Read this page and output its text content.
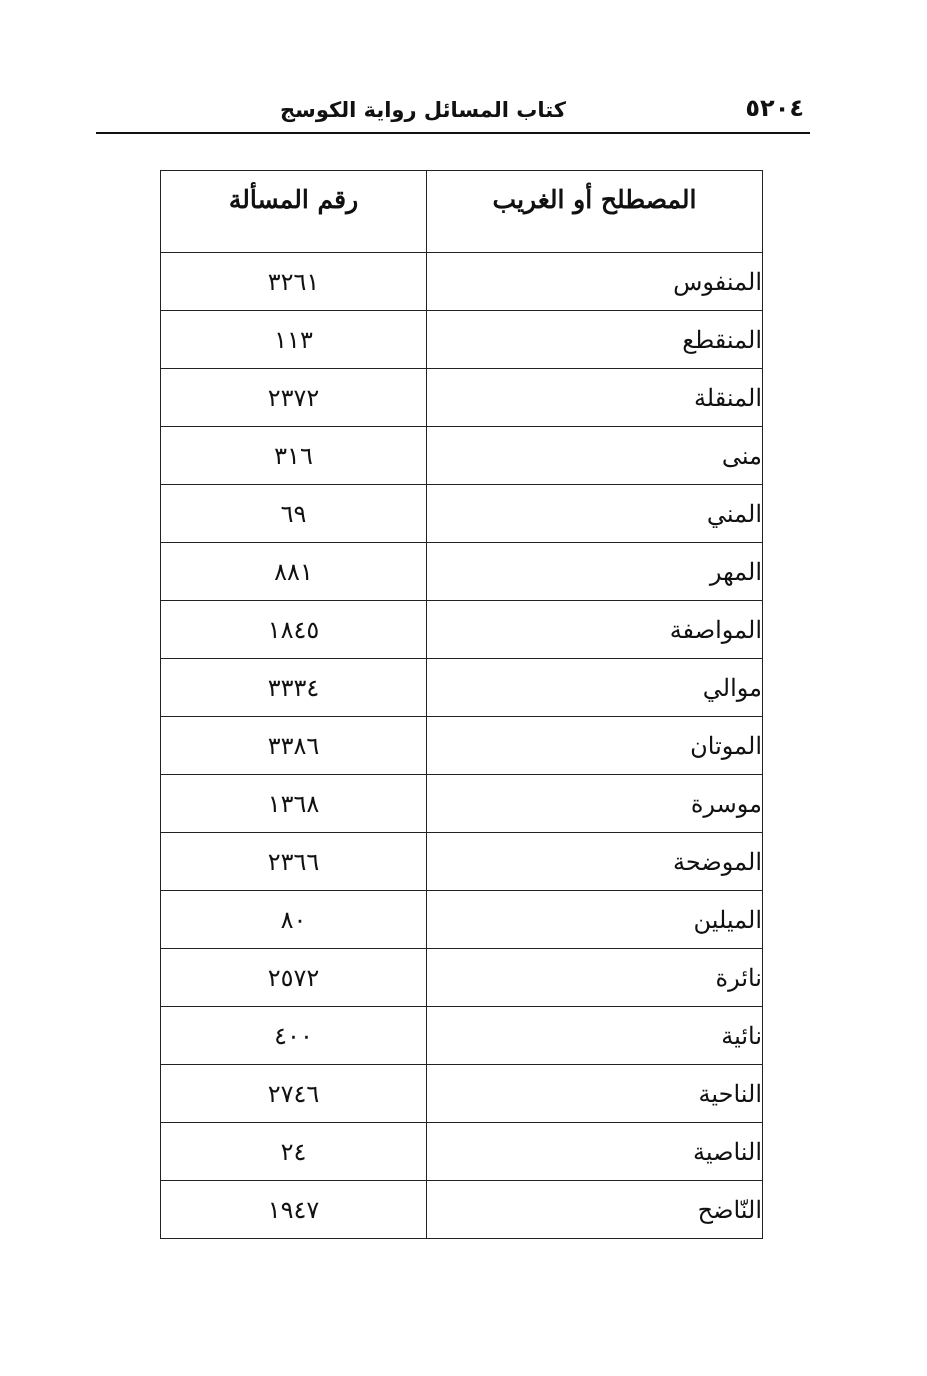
كتاب المسائل رواية الكوسج	٥٢٠٤
المصطلح أو الغريب	رقم المسألة
المنفوس	٣٢٦١
المنقطع	١١٣
المنقلة	٢٣٧٢
منى	٣١٦
المني	٦٩
المهر	٨٨١
المواصفة	١٨٤٥
موالي	٣٣٣٤
الموتان	٣٣٨٦
موسرة	١٣٦٨
الموضحة	٢٣٦٦
الميلين	٨٠
نائرة	٢٥٧٢
نائية	٤٠٠
الناحية	٢٧٤٦
الناصية	٢٤
النّاضح	١٩٤٧
